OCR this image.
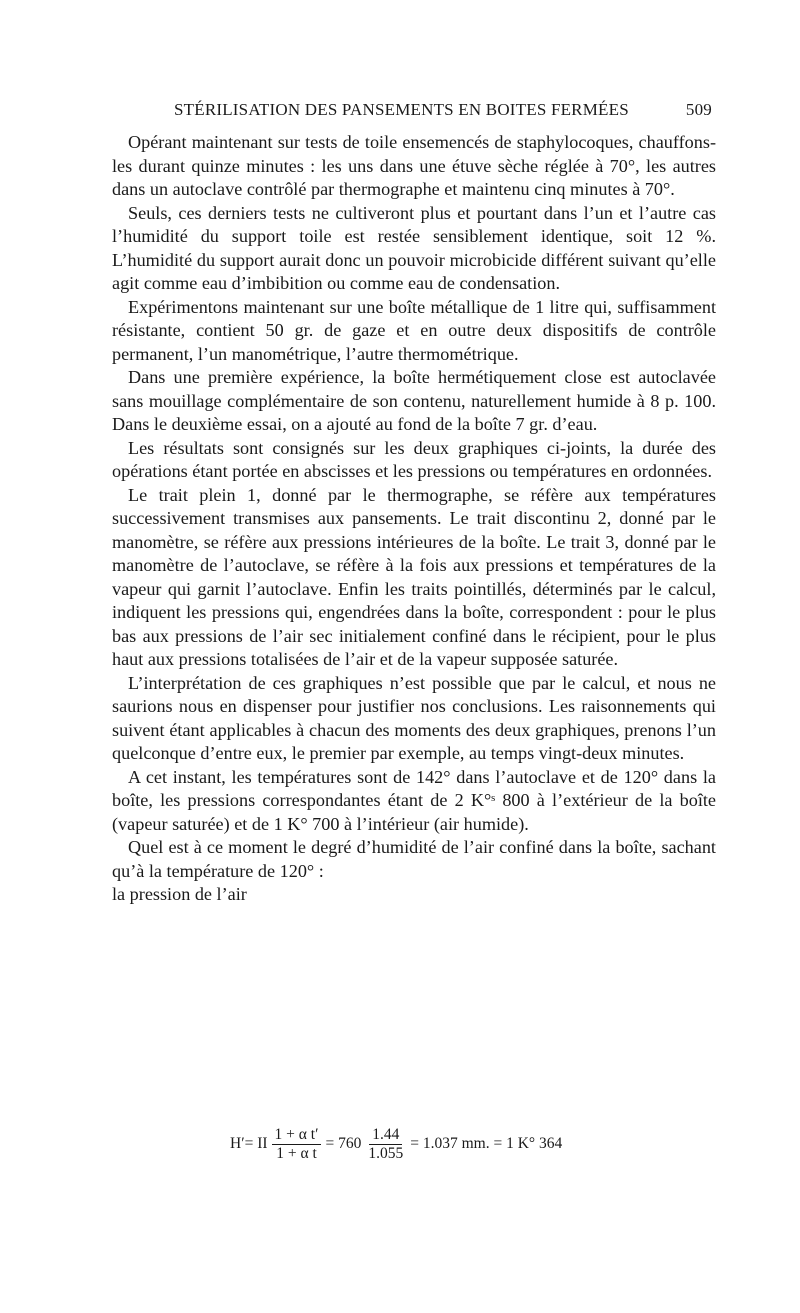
STÉRILISATION DES PANSEMENTS EN BOITES FERMÉES	509

Opérant maintenant sur tests de toile ensemencés de staphylocoques, chauffons-les durant quinze minutes : les uns dans une étuve sèche réglée à 70°, les autres dans un autoclave contrôlé par thermographe et maintenu cinq minutes à 70°.

Seuls, ces derniers tests ne cultiveront plus et pourtant dans l’un et l’autre cas l’humidité du support toile est restée sensiblement identique, soit 12 %. L’humidité du support aurait donc un pouvoir microbicide différent suivant qu’elle agit comme eau d’imbibition ou comme eau de condensation.

Expérimentons maintenant sur une boîte métallique de 1 litre qui, suffisamment résistante, contient 50 gr. de gaze et en outre deux dispositifs de contrôle permanent, l’un manométrique, l’autre thermométrique.

Dans une première expérience, la boîte hermétiquement close est autoclavée sans mouillage complémentaire de son contenu, naturellement humide à 8 p. 100. Dans le deuxième essai, on a ajouté au fond de la boîte 7 gr. d’eau.

Les résultats sont consignés sur les deux graphiques ci-joints, la durée des opérations étant portée en abscisses et les pressions ou températures en ordonnées.

Le trait plein 1, donné par le thermographe, se réfère aux températures successivement transmises aux pansements. Le trait discontinu 2, donné par le manomètre, se réfère aux pressions intérieures de la boîte. Le trait 3, donné par le manomètre de l’autoclave, se réfère à la fois aux pressions et températures de la vapeur qui garnit l’autoclave. Enfin les traits pointillés, déterminés par le calcul, indiquent les pressions qui, engendrées dans la boîte, correspondent : pour le plus bas aux pressions de l’air sec initialement confiné dans le récipient, pour le plus haut aux pressions totalisées de l’air et de la vapeur supposée saturée.

L’interprétation de ces graphiques n’est possible que par le calcul, et nous ne saurions nous en dispenser pour justifier nos conclusions. Les raisonnements qui suivent étant applicables à chacun des moments des deux graphiques, prenons l’un quelconque d’entre eux, le premier par exemple, au temps vingt-deux minutes.

A cet instant, les températures sont de 142° dans l’autoclave et de 120° dans la boîte, les pressions correspondantes étant de 2 K°ˢ 800 à l’extérieur de la boîte (vapeur saturée) et de 1 K° 700 à l’intérieur (air humide).

Quel est à ce moment le degré d’humidité de l’air confiné dans la boîte, sachant qu’à la température de 120° :

la pression de l’air

H′= II $\frac{\text{1 + α t′}}{\text{1 + α t}} = 760 \frac{1.44}{1.055} = 1.037$ mm. = 1 K° 364
